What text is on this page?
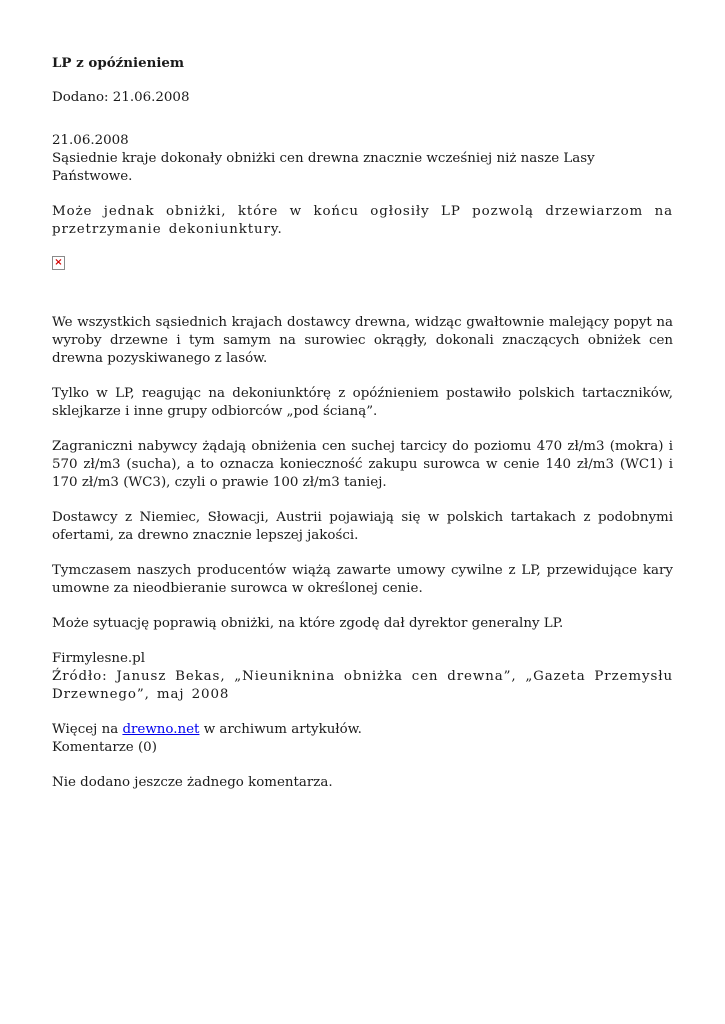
LP z opóźnieniem

Dodano: 21.06.2008

21.06.2008

Sąsiednie kraje dokonały obniżki cen drewna znacznie wcześniej niż nasze Lasy Państwowe.

Może jednak obniżki, które w końcu ogłosiły LP pozwolą drzewiarzom na przetrzymanie dekoniunktury.

×

We wszystkich sąsiednich krajach dostawcy drewna, widząc gwałtownie malejący popyt na wyroby drzewne i tym samym na surowiec okrągły, dokonali znaczących obniżek cen drewna pozyskiwanego z lasów.

Tylko w LP, reagując na dekoniunktórę z opóźnieniem postawiło polskich tartaczników, sklejkarze i inne grupy odbiorców „pod ścianą”.

Zagraniczni nabywcy żądają obniżenia cen suchej tarcicy do poziomu 470 zł/m3 (mokra) i 570 zł/m3 (sucha), a to oznacza konieczność zakupu surowca w cenie 140 zł/m3 (WC1) i 170 zł/m3 (WC3), czyli o prawie 100 zł/m3 taniej.

Dostawcy z Niemiec, Słowacji, Austrii pojawiają się w polskich tartakach z podobnymi ofertami, za drewno znacznie lepszej jakości.

Tymczasem naszych producentów wiążą zawarte umowy cywilne z LP, przewidujące kary umowne za nieodbieranie surowca w określonej cenie.

Może sytuację poprawią obniżki, na które zgodę dał dyrektor generalny LP.

Firmylesne.pl

Źródło: Janusz Bekas, „Nieuniknina obniżka cen drewna”, „Gazeta Przemysłu Drzewnego”, maj 2008

Więcej na drewno.net w archiwum artykułów.

Komentarze (0)

Nie dodano jeszcze żadnego komentarza.
